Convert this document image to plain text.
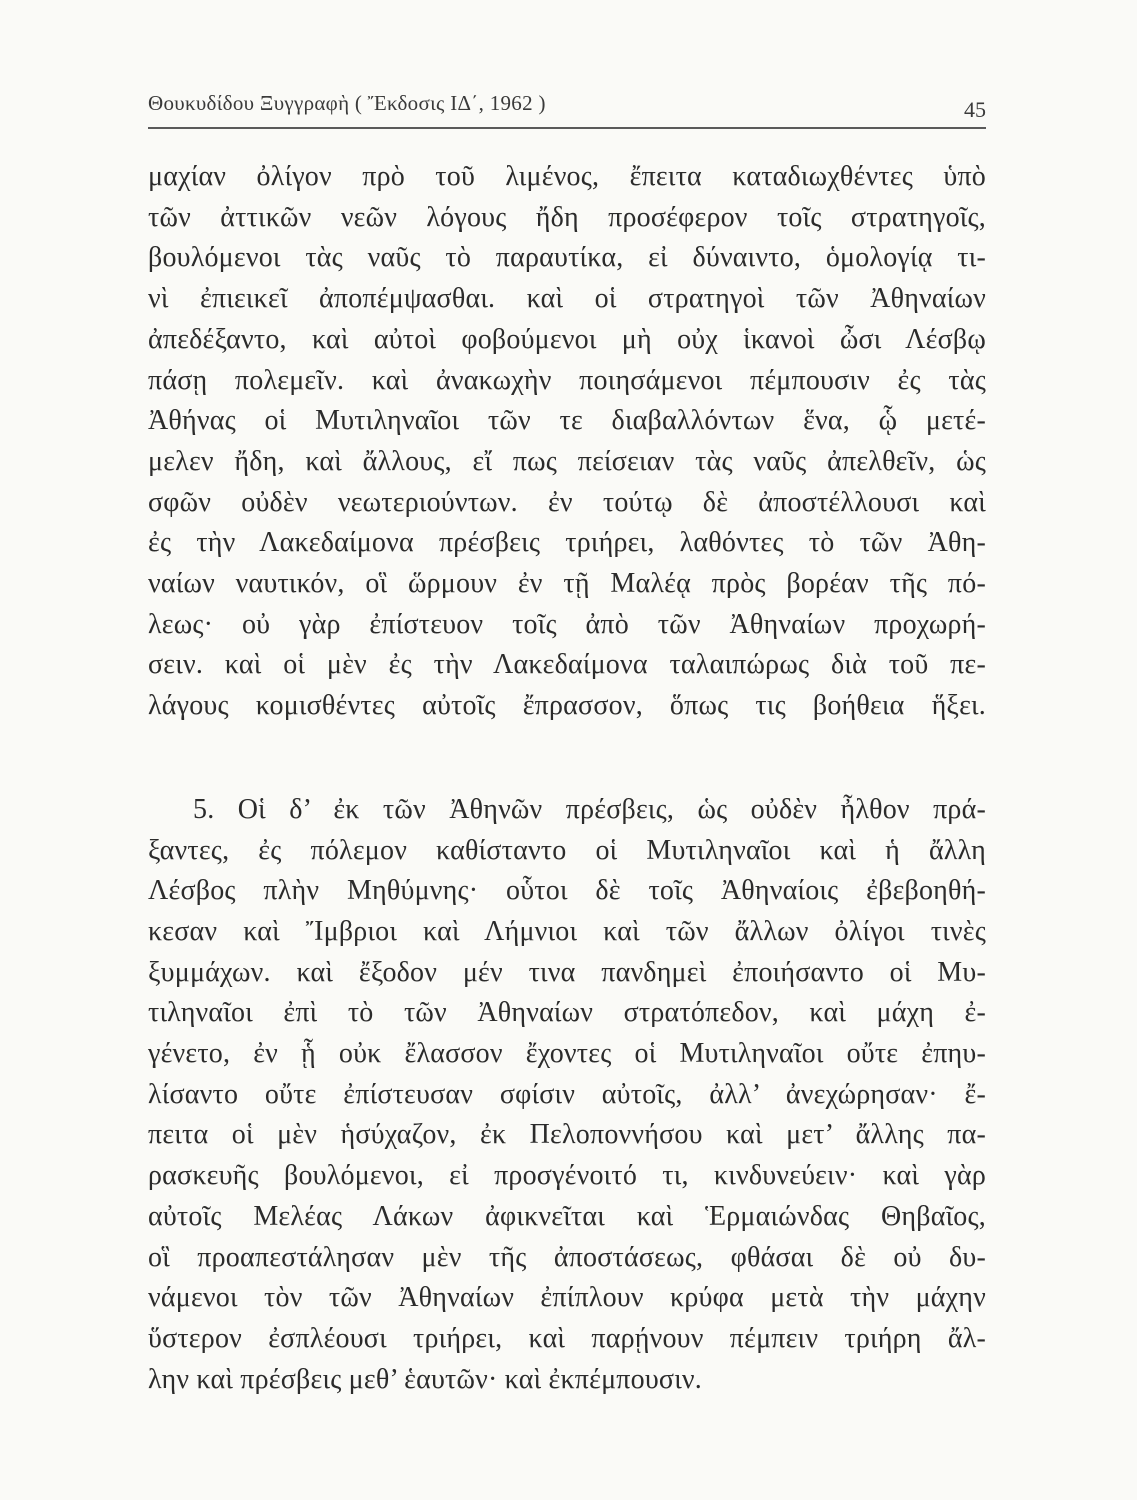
Θουκυδίδου Ξυγγραφὴ ( Ἔκδοσις ΙΔ΄, 1962 )	45
μαχίαν ὀλίγον πρὸ τοῦ λιμένος, ἔπειτα καταδιωχθέντες ὑπὸ
τῶν ἀττικῶν νεῶν λόγους ἤδη προσέφερον τοῖς στρατηγοῖς,
βουλόμενοι τὰς ναῦς τὸ παραυτίκα, εἰ δύναιντο, ὁμολογίᾳ τι-
νὶ ἐπιεικεῖ ἀποπέμψασθαι. καὶ οἱ στρατηγοὶ τῶν Ἀθηναίων
ἀπεδέξαντο, καὶ αὐτοὶ φοβούμενοι μὴ οὐχ ἱκανοὶ ὦσι Λέσβῳ
πάσῃ πολεμεῖν. καὶ ἀνακωχὴν ποιησάμενοι πέμπουσιν ἐς τὰς
Ἀθήνας οἱ Μυτιληναῖοι τῶν τε διαβαλλόντων ἕνα, ᾧ μετέ-
μελεν ἤδη, καὶ ἄλλους, εἴ πως πείσειαν τὰς ναῦς ἀπελθεῖν, ὡς
σφῶν οὐδὲν νεωτεριούντων. ἐν τούτῳ δὲ ἀποστέλλουσι καὶ
ἐς τὴν Λακεδαίμονα πρέσβεις τριήρει, λαθόντες τὸ τῶν Ἀθη-
ναίων ναυτικόν, οἳ ὥρμουν ἐν τῇ Μαλέᾳ πρὸς βορέαν τῆς πό-
λεως· οὐ γὰρ ἐπίστευον τοῖς ἀπὸ τῶν Ἀθηναίων προχωρή-
σειν. καὶ οἱ μὲν ἐς τὴν Λακεδαίμονα ταλαιπώρως διὰ τοῦ πε-
λάγους κομισθέντες αὐτοῖς ἔπρασσον, ὅπως τις βοήθεια ἥξει.
5. Οἱ δ’ ἐκ τῶν Ἀθηνῶν πρέσβεις, ὡς οὐδὲν ἦλθον πρά-
ξαντες, ἐς πόλεμον καθίσταντο οἱ Μυτιληναῖοι καὶ ἡ ἄλλη
Λέσβος πλὴν Μηθύμνης· οὗτοι δὲ τοῖς Ἀθηναίοις ἐβεβοηθή-
κεσαν καὶ Ἴμβριοι καὶ Λήμνιοι καὶ τῶν ἄλλων ὀλίγοι τινὲς
ξυμμάχων. καὶ ἔξοδον μέν τινα πανδημεὶ ἐποιήσαντο οἱ Μυ-
τιληναῖοι ἐπὶ τὸ τῶν Ἀθηναίων στρατόπεδον, καὶ μάχη ἐ-
γένετο, ἐν ᾗ οὐκ ἔλασσον ἔχοντες οἱ Μυτιληναῖοι οὔτε ἐπηυ-
λίσαντο οὔτε ἐπίστευσαν σφίσιν αὐτοῖς, ἀλλ’ ἀνεχώρησαν· ἔ-
πειτα οἱ μὲν ἡσύχαζον, ἐκ Πελοποννήσου καὶ μετ’ ἄλλης πα-
ρασκευῆς βουλόμενοι, εἰ προσγένοιτό τι, κινδυνεύειν· καὶ γὰρ
αὐτοῖς Μελέας Λάκων ἀφικνεῖται καὶ Ἑρμαιώνδας Θηβαῖος,
οἳ προαπεστάλησαν μὲν τῆς ἀποστάσεως, φθάσαι δὲ οὐ δυ-
νάμενοι τὸν τῶν Ἀθηναίων ἐπίπλουν κρύφα μετὰ τὴν μάχην
ὕστερον ἐσπλέουσι τριήρει, καὶ παρῄνουν πέμπειν τριήρη ἄλ-
λην καὶ πρέσβεις μεθ’ ἑαυτῶν· καὶ ἐκπέμπουσιν.
